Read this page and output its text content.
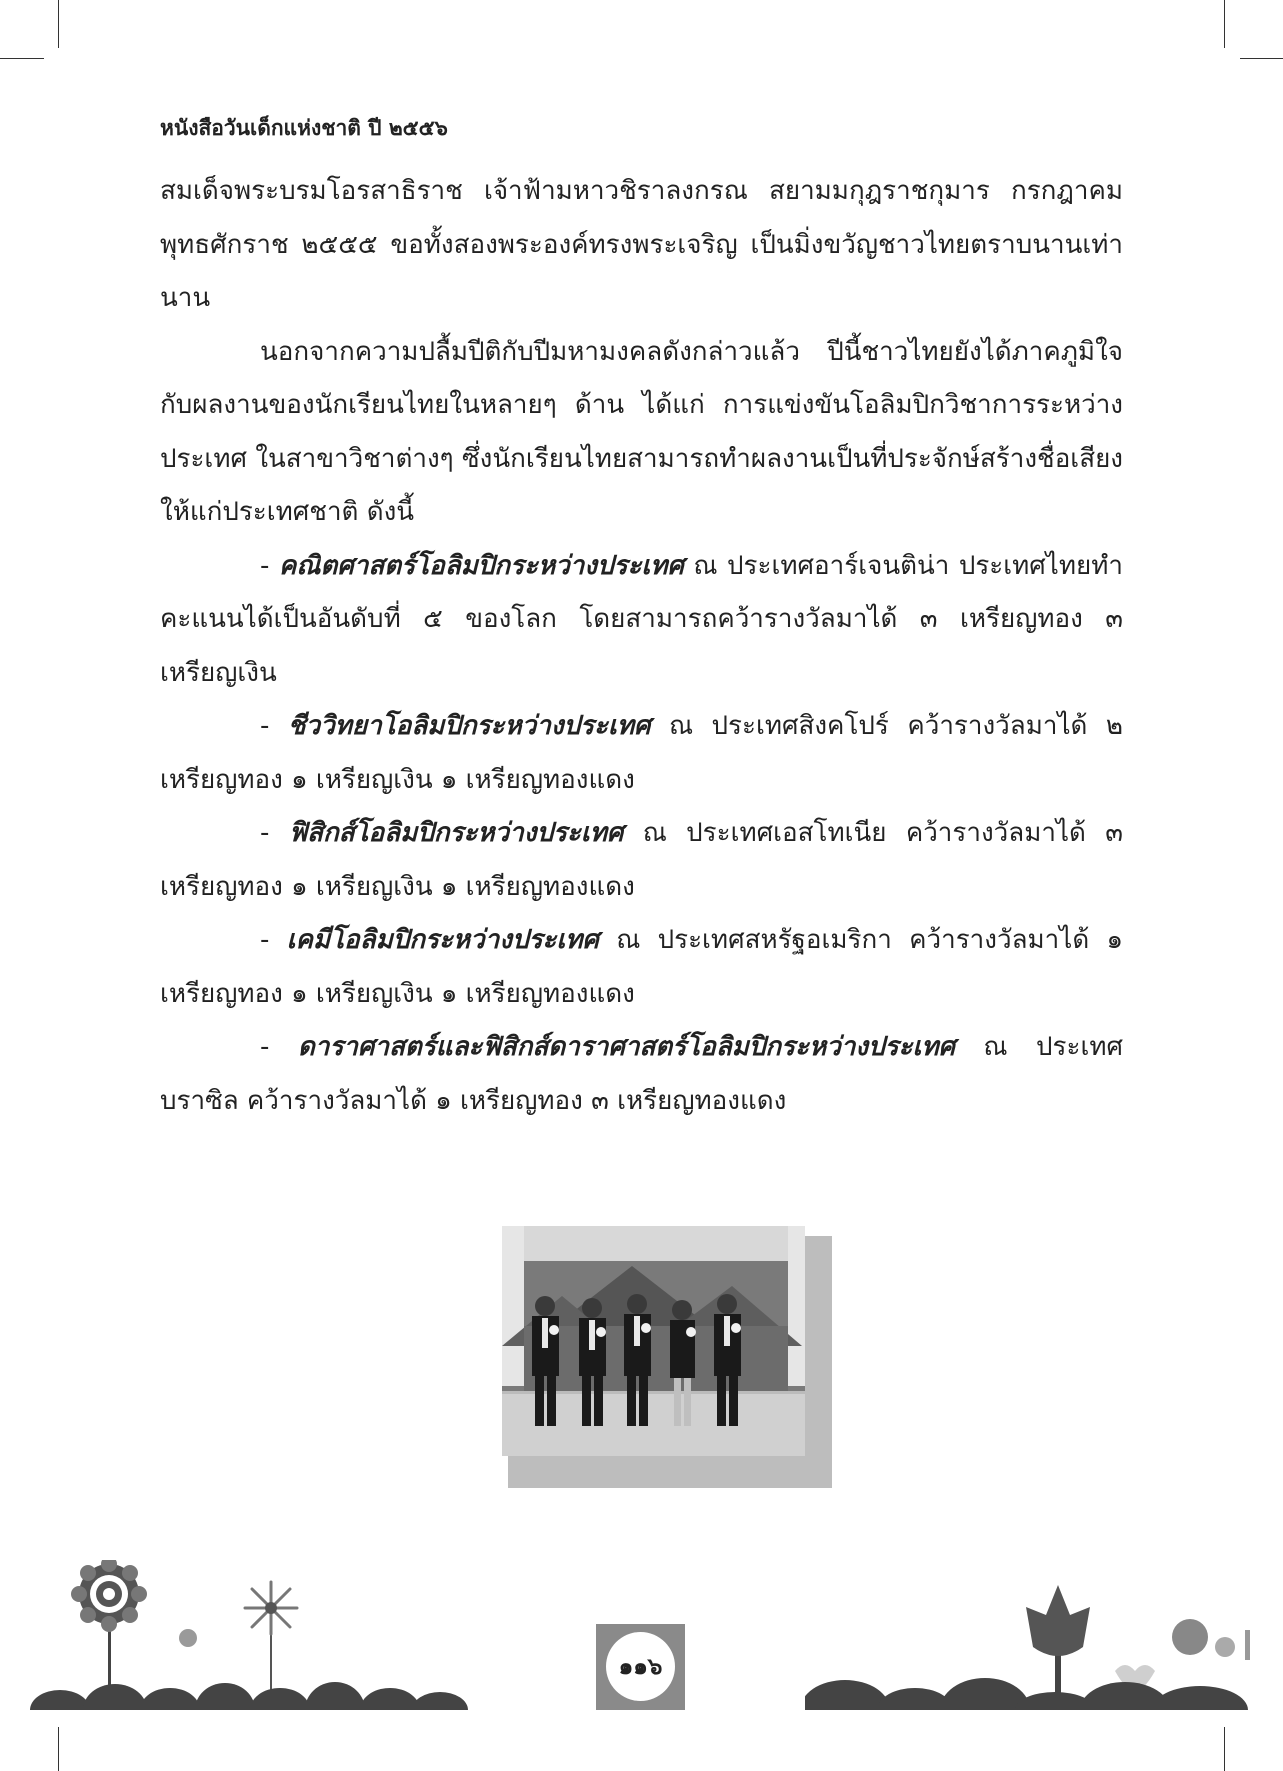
หนังสือวันเด็กแห่งชาติ ปี ๒๕๕๖

สมเด็จพระบรมโอรสาธิราช เจ้าฟ้ามหาวชิราลงกรณ สยามมกุฎราชกุมาร กรกฎาคม พุทธศักราช ๒๕๕๕ ขอทั้งสองพระองค์ทรงพระเจริญ เป็นมิ่งขวัญชาวไทยตราบนานเท่านาน

นอกจากความปลื้มปีติกับปีมหามงคลดังกล่าวแล้ว ปีนี้ชาวไทยยังได้ภาคภูมิใจกับผลงานของนักเรียนไทยในหลายๆ ด้าน ได้แก่ การแข่งขันโอลิมปิกวิชาการระหว่างประเทศ ในสาขาวิชาต่างๆ ซึ่งนักเรียนไทยสามารถทำผลงานเป็นที่ประจักษ์สร้างชื่อเสียงให้แก่ประเทศชาติ ดังนี้

- คณิตศาสตร์โอลิมปิกระหว่างประเทศ ณ ประเทศอาร์เจนติน่า ประเทศไทยทำคะแนนได้เป็นอันดับที่ ๕ ของโลก โดยสามารถคว้ารางวัลมาได้ ๓ เหรียญทอง ๓ เหรียญเงิน

- ชีววิทยาโอลิมปิกระหว่างประเทศ ณ ประเทศสิงคโปร์ คว้ารางวัลมาได้ ๒ เหรียญทอง ๑ เหรียญเงิน ๑ เหรียญทองแดง

- ฟิสิกส์โอลิมปิกระหว่างประเทศ ณ ประเทศเอสโทเนีย คว้ารางวัลมาได้ ๓ เหรียญทอง ๑ เหรียญเงิน ๑ เหรียญทองแดง

- เคมีโอลิมปิกระหว่างประเทศ ณ ประเทศสหรัฐอเมริกา คว้ารางวัลมาได้ ๑ เหรียญทอง ๑ เหรียญเงิน ๑ เหรียญทองแดง

- ดาราศาสตร์และฟิสิกส์ดาราศาสตร์โอลิมปิกระหว่างประเทศ ณ ประเทศบราซิล คว้ารางวัลมาได้ ๑ เหรียญทอง ๓ เหรียญทองแดง

๑๑๖
